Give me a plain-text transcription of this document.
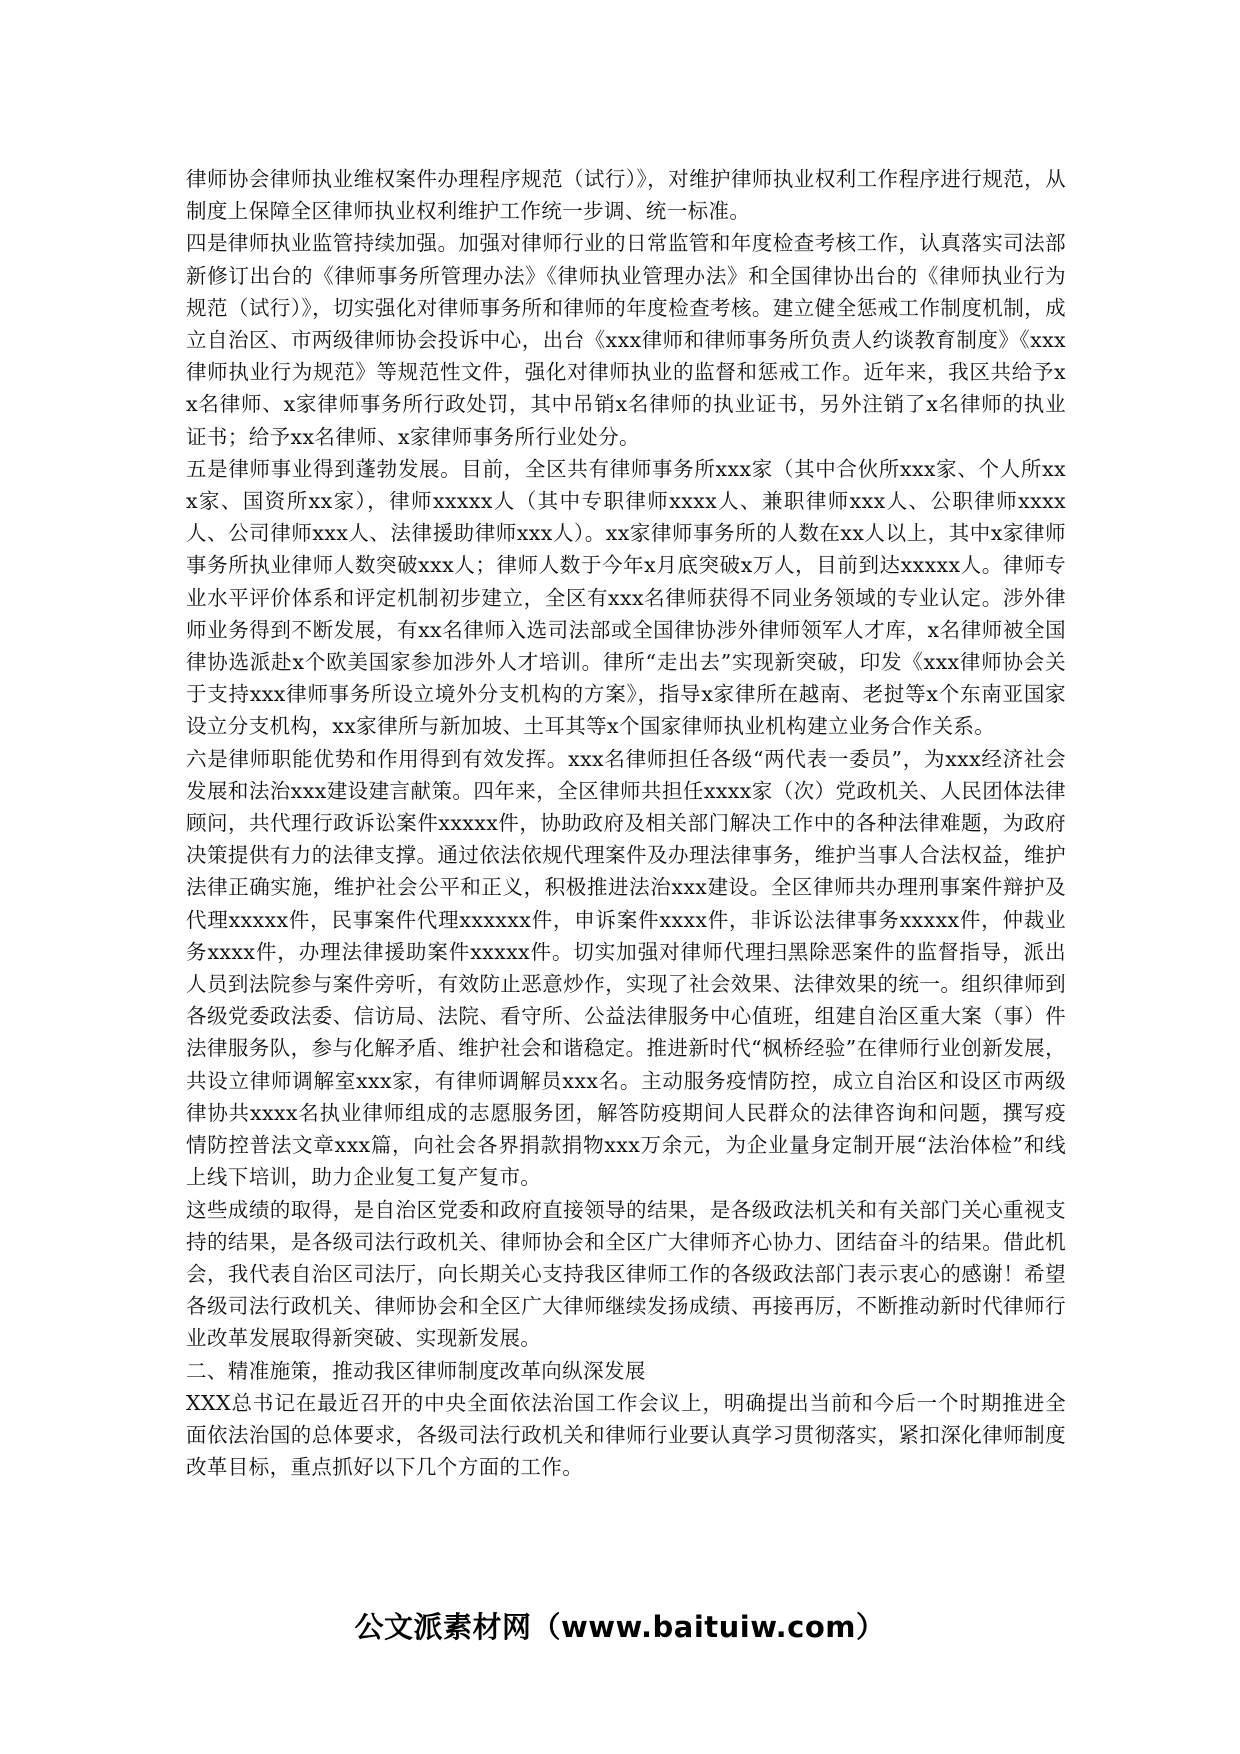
律师协会律师执业维权案件办理程序规范（试行）》，对维护律师执业权利工作程序进行规范，从制度上保障全区律师执业权利维护工作统一步调、统一标准。

四是律师执业监管持续加强。加强对律师行业的日常监管和年度检查考核工作，认真落实司法部新修订出台的《律师事务所管理办法》《律师执业管理办法》和全国律协出台的《律师执业行为规范（试行）》，切实强化对律师事务所和律师的年度检查考核。建立健全惩戒工作制度机制，成立自治区、市两级律师协会投诉中心，出台《xxx律师和律师事务所负责人约谈教育制度》《xxx律师执业行为规范》等规范性文件，强化对律师执业的监督和惩戒工作。近年来，我区共给予xx名律师、x家律师事务所行政处罚，其中吊销x名律师的执业证书，另外注销了x名律师的执业证书；给予xx名律师、x家律师事务所行业处分。

五是律师事业得到蓬勃发展。目前，全区共有律师事务所xxx家（其中合伙所xxx家、个人所xxx家、国资所xx家），律师xxxxx人（其中专职律师xxxx人、兼职律师xxx人、公职律师xxxx人、公司律师xxx人、法律援助律师xxx人）。xx家律师事务所的人数在xx人以上，其中x家律师事务所执业律师人数突破xxx人；律师人数于今年x月底突破x万人，目前到达xxxxx人。律师专业水平评价体系和评定机制初步建立，全区有xxx名律师获得不同业务领域的专业认定。涉外律师业务得到不断发展，有xx名律师入选司法部或全国律协涉外律师领军人才库，x名律师被全国律协选派赴x个欧美国家参加涉外人才培训。律所“走出去”实现新突破，印发《xxx律师协会关于支持xxx律师事务所设立境外分支机构的方案》，指导x家律所在越南、老挝等x个东南亚国家设立分支机构，xx家律所与新加坡、土耳其等x个国家律师执业机构建立业务合作关系。

六是律师职能优势和作用得到有效发挥。xxx名律师担任各级“两代表一委员”，为xxx经济社会发展和法治xxx建设建言献策。四年来，全区律师共担任xxxx家（次）党政机关、人民团体法律顾问，共代理行政诉讼案件xxxxx件，协助政府及相关部门解决工作中的各种法律难题，为政府决策提供有力的法律支撑。通过依法依规代理案件及办理法律事务，维护当事人合法权益，维护法律正确实施，维护社会公平和正义，积极推进法治xxx建设。全区律师共办理刑事案件辩护及代理xxxxx件，民事案件代理xxxxxx件，申诉案件xxxx件，非诉讼法律事务xxxxx件，仲裁业务xxxx件，办理法律援助案件xxxxx件。切实加强对律师代理扫黑除恶案件的监督指导，派出人员到法院参与案件旁听，有效防止恶意炒作，实现了社会效果、法律效果的统一。组织律师到各级党委政法委、信访局、法院、看守所、公益法律服务中心值班，组建自治区重大案（事）件法律服务队，参与化解矛盾、维护社会和谐稳定。推进新时代“枫桥经验”在律师行业创新发展，共设立律师调解室xxx家，有律师调解员xxx名。主动服务疫情防控，成立自治区和设区市两级律协共xxxx名执业律师组成的志愿服务团，解答防疫期间人民群众的法律咨询和问题，撰写疫情防控普法文章xxx篇，向社会各界捐款捐物xxx万余元，为企业量身定制开展“法治体检”和线上线下培训，助力企业复工复产复市。

这些成绩的取得，是自治区党委和政府直接领导的结果，是各级政法机关和有关部门关心重视支持的结果，是各级司法行政机关、律师协会和全区广大律师齐心协力、团结奋斗的结果。借此机会，我代表自治区司法厅，向长期关心支持我区律师工作的各级政法部门表示衷心的感谢！希望各级司法行政机关、律师协会和全区广大律师继续发扬成绩、再接再厉，不断推动新时代律师行业改革发展取得新突破、实现新发展。

二、精准施策，推动我区律师制度改革向纵深发展

XXX总书记在最近召开的中央全面依法治国工作会议上，明确提出当前和今后一个时期推进全面依法治国的总体要求，各级司法行政机关和律师行业要认真学习贯彻落实，紧扣深化律师制度改革目标，重点抓好以下几个方面的工作。

公文派素材网（www.baituiw.com）
